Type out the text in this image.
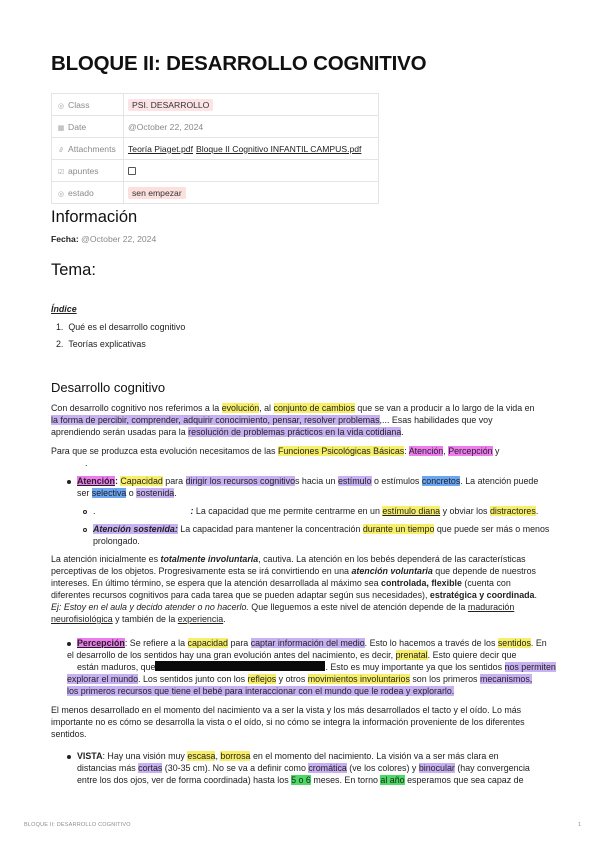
BLOQUE II: DESARROLLO COGNITIVO
◎ Class	PSI. DESARROLLO
▦ Date	@October 22, 2024
∂ Attachments	Teoría Piaget.pdf Bloque II Cognitivo INFANTIL CAMPUS.pdf
☑ apuntes	
◎ estado	sen empezar
Información
Fecha: @October 22, 2024
Tema:
Índice
1.  Qué es el desarrollo cognitivo
2.  Teorías explicativas
Desarrollo cognitivo
Con desarrollo cognitivo nos referimos a la evolución, al conjunto de cambios que se van a producir a lo largo de la vida en
la forma de percibir, comprender, adquirir conocimiento, pensar, resolver problemas,... Esas habilidades que voy
aprendiendo serán usadas para la resolución de problemas prácticos en la vida cotidiana.
Para que se produzca esta evolución necesitamos de las Funciones Psicológicas Básicas: Atención, Percepción y
.
Atención: Capacidad para dirigir los recursos cognitivos hacia un estímulo o estímulos concretos. La atención puede
ser selectiva o sostenida.
.	: La capacidad que me permite centrarme en un estímulo diana y obviar los distractores.
Atención sostenida: La capacidad para mantener la concentración durante un tiempo que puede ser más o menos
prolongado.
La atención inicialmente es totalmente involuntaria, cautiva. La atención en los bebés dependerá de las características
perceptivas de los objetos. Progresivamente esta se irá convirtiendo en una atención voluntaria que depende de nuestros
intereses. En último término, se espera que la atención desarrollada al máximo sea controlada, flexible (cuenta con
diferentes recursos cognitivos para cada tarea que se pueden adaptar según sus necesidades), estratégica y coordinada.
Ej: Estoy en el aula y decido atender o no hacerlo. Que lleguemos a este nivel de atención depende de la maduración
neurofisiológica y también de la experiencia.
Percepción: Se refiere a la capacidad para captar información del medio. Esto lo hacemos a través de los sentidos. En
el desarrollo de los sentidos hay una gran evolución antes del nacimiento, es decir, prenatal. Esto quiere decir que
están maduros, que	. Esto es muy importante ya que los sentidos nos permiten
explorar el mundo. Los sentidos junto con los reflejos y otros movimientos involuntarios son los primeros mecanismos,
los primeros recursos que tiene el bebé para interaccionar con el mundo que le rodea y explorarlo.
El menos desarrollado en el momento del nacimiento va a ser la vista y los más desarrollados el tacto y el oído. Lo más
importante no es cómo se desarrolla la vista o el oído, si no cómo se integra la información proveniente de los diferentes
sentidos.
VISTA: Hay una visión muy escasa, borrosa en el momento del nacimiento. La visión va a ser más clara en
distancias más cortas (30-35 cm). No se va a definir como cromática (ve los colores) y binocular (hay convergencia
entre los dos ojos, ver de forma coordinada) hasta los 5 o 6 meses. En torno al año esperamos que sea capaz de
BLOQUE II: DESARROLLO COGNITIVO	1
